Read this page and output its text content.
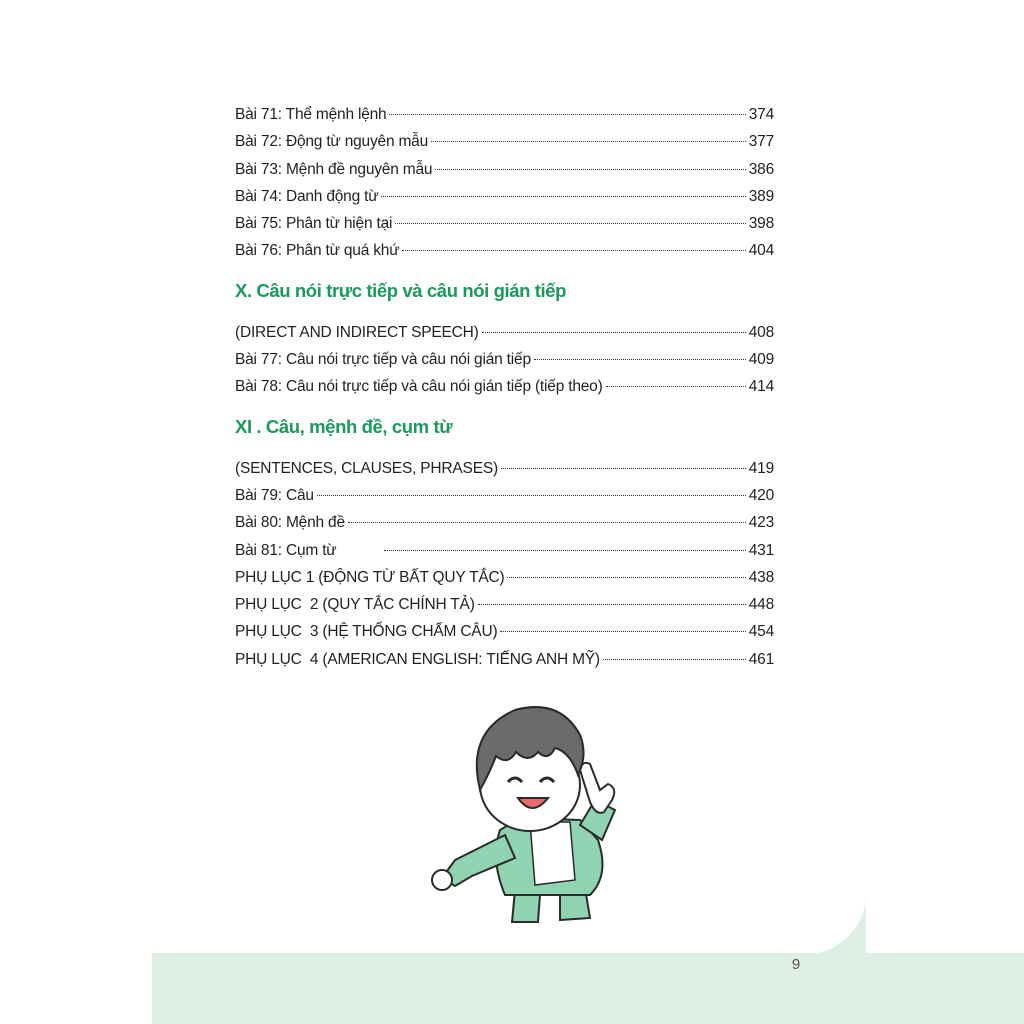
Bài 71: Thể mệnh lệnh	374
Bài 72: Động từ nguyên mẫu	377
Bài 73: Mệnh đề nguyên mẫu	386
Bài 74: Danh động từ	389
Bài 75: Phân từ hiện tại	398
Bài 76: Phân từ quá khứ	404
X. Câu nói trực tiếp và câu nói gián tiếp
(DIRECT AND INDIRECT SPEECH)	408
Bài 77: Câu nói trực tiếp và câu nói gián tiếp	409
Bài 78: Câu nói trực tiếp và câu nói gián tiếp (tiếp theo)	414
XI . Câu, mệnh đề, cụm từ
(SENTENCES, CLAUSES, PHRASES)	419
Bài 79: Câu	420
Bài 80: Mệnh đề	423
Bài 81: Cụm từ	431
PHỤ LỤC 1 (ĐỘNG TỪ BẤT QUY TẮC)	438
PHỤ LỤC  2 (QUY TẮC CHÍNH TẢ)	448
PHỤ LỤC  3 (HỆ THỐNG CHẤM CÂU)	454
PHỤ LỤC  4 (AMERICAN ENGLISH: TIẾNG ANH MỸ)	461
9
